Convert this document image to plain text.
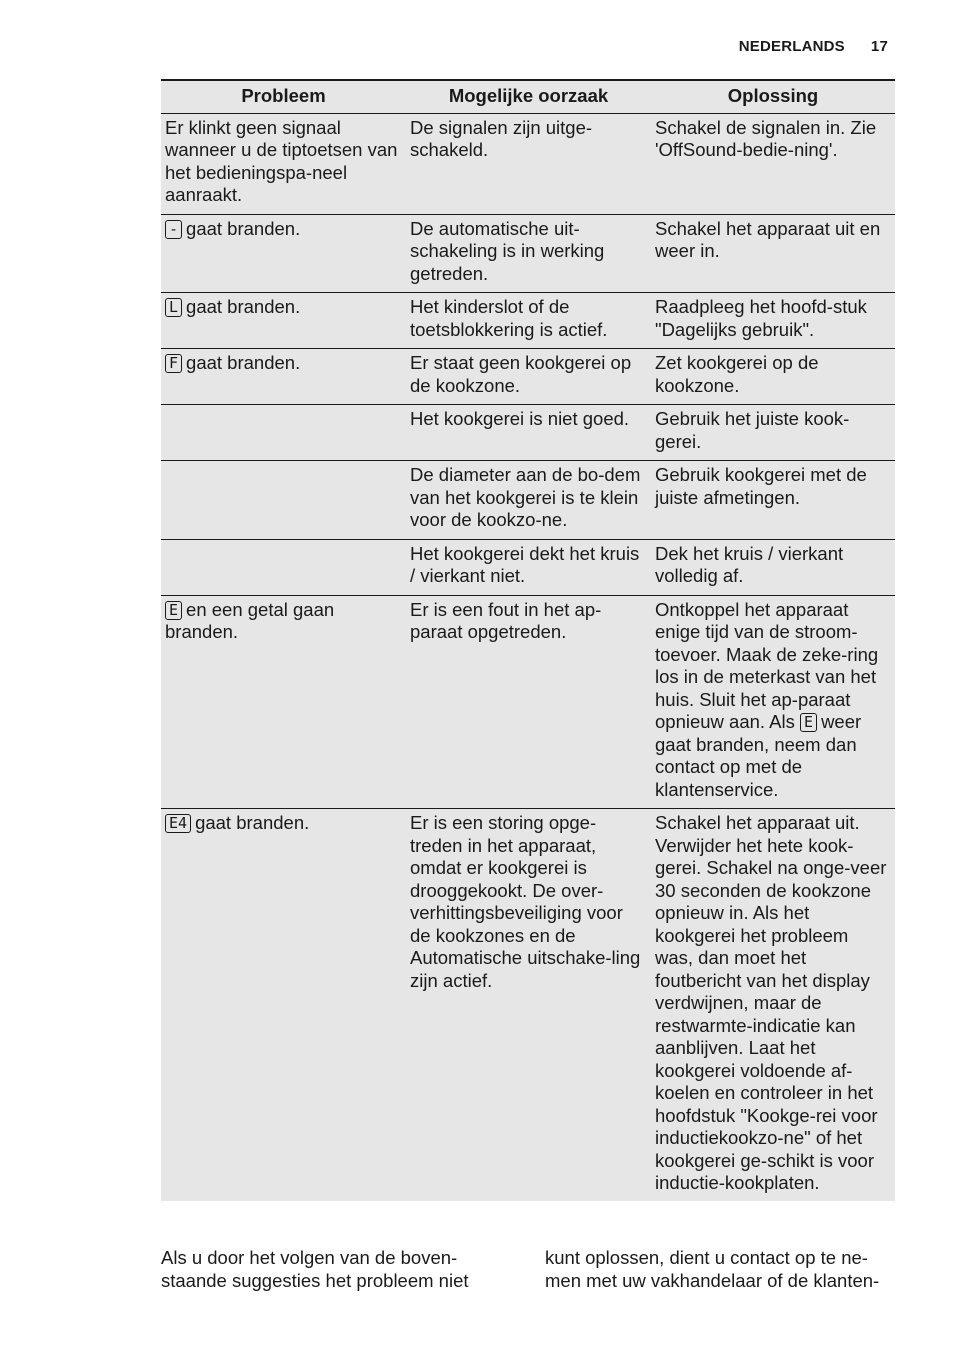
NEDERLANDS 17
Probleem	Mogelijke oorzaak	Oplossing
Er klinkt geen signaal wanneer u de tiptoetsen van het bedieningspa-neel aanraakt.	De signalen zijn uitge-schakeld.	Schakel de signalen in. Zie 'OffSound-bedie-ning'.
- gaat branden.	De automatische uit-schakeling is in werking getreden.	Schakel het apparaat uit en weer in.
L gaat branden.	Het kinderslot of de toetsblokkering is actief.	Raadpleeg het hoofd-stuk "Dagelijks gebruik".
F gaat branden.	Er staat geen kookgerei op de kookzone.	Zet kookgerei op de kookzone.
	Het kookgerei is niet goed.	Gebruik het juiste kook-gerei.
	De diameter aan de bo-dem van het kookgerei is te klein voor de kookzo-ne.	Gebruik kookgerei met de juiste afmetingen.
	Het kookgerei dekt het kruis / vierkant niet.	Dek het kruis / vierkant volledig af.
E en een getal gaan branden.	Er is een fout in het ap-paraat opgetreden.	Ontkoppel het apparaat enige tijd van de stroom-toevoer. Maak de zeke-ring los in de meterkast van het huis. Sluit het ap-paraat opnieuw aan. Als E weer gaat branden, neem dan contact op met de klantenservice.
E4 gaat branden.	Er is een storing opge-treden in het apparaat, omdat er kookgerei is drooggekookt. De over-verhittingsbeveiliging voor de kookzones en de Automatische uitschake-ling zijn actief.	Schakel het apparaat uit. Verwijder het hete kook-gerei. Schakel na onge-veer 30 seconden de kookzone opnieuw in. Als het kookgerei het probleem was, dan moet het foutbericht van het display verdwijnen, maar de restwarmte-indicatie kan aanblijven. Laat het kookgerei voldoende af-koelen en controleer in het hoofdstuk "Kookge-rei voor inductiekookzo-ne" of het kookgerei ge-schikt is voor inductie-kookplaten.
Als u door het volgen van de boven-staande suggesties het probleem niet
kunt oplossen, dient u contact op te ne-men met uw vakhandelaar of de klanten-
